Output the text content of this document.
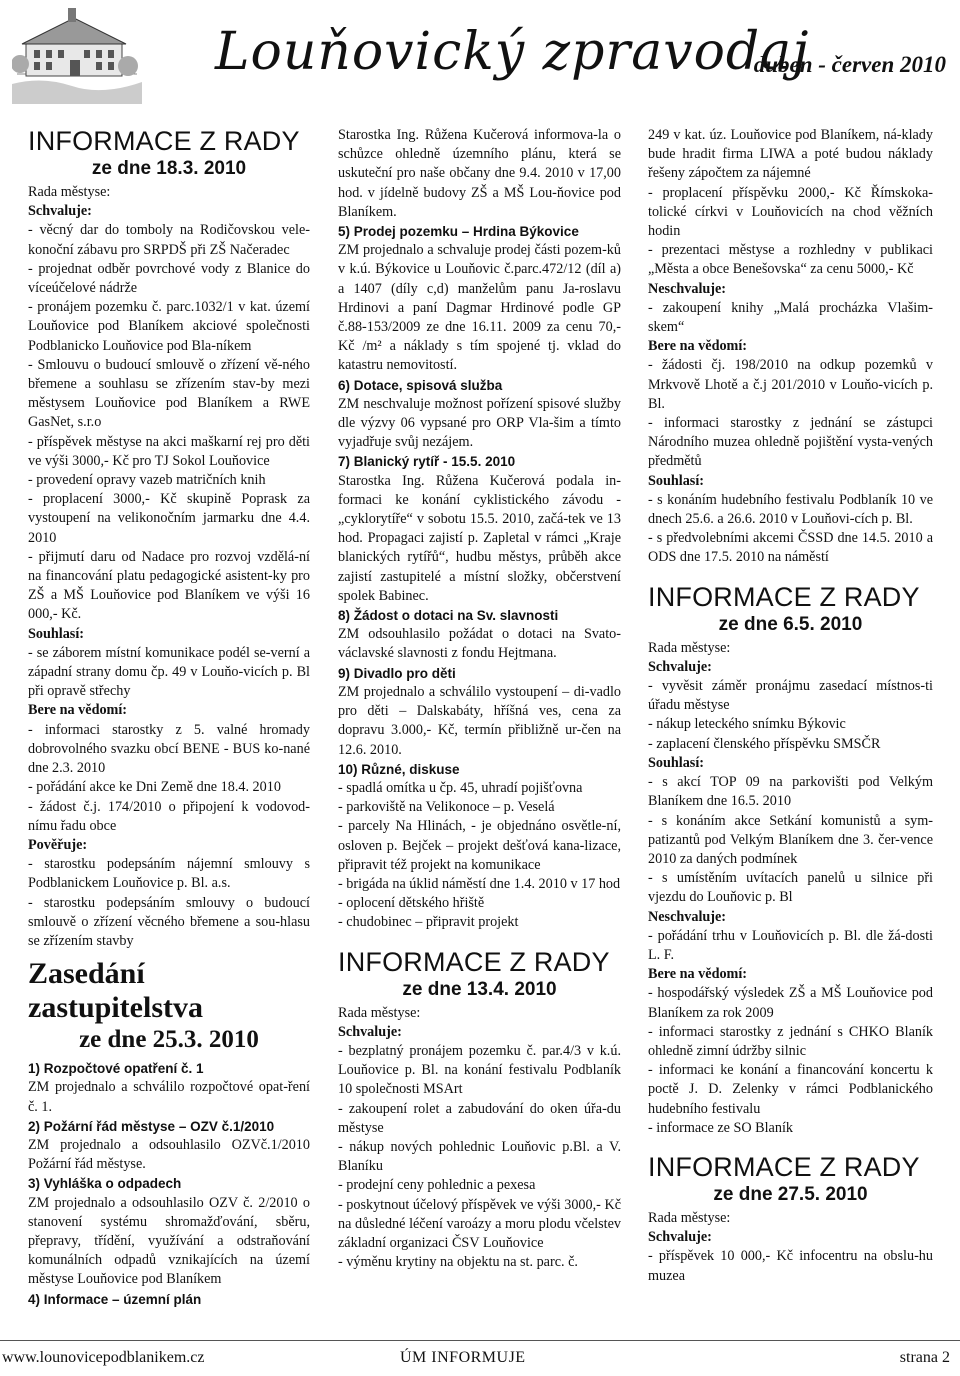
Louňovický zpravodaj
duben - červen 2010
INFORMACE Z RADY
ze dne 18.3. 2010

Rada městyse:

Schvaluje:

- věcný dar do tomboly na Rodičovskou vele-konoční zábavu pro SRPDŠ při ZŠ Načeradec

- projednat odběr povrchové vody z Blanice do víceúčelové nádrže

- pronájem pozemku č. parc.1032/1 v kat. území Louňovice pod Blaníkem akciové společnosti Podblanicko Louňovice pod Bla-níkem

- Smlouvu o budoucí smlouvě o zřízení vě-ného břemene a souhlasu se zřízením stav-by mezi městysem Louňovice pod Blaníkem a RWE GasNet, s.r.o

- příspěvek městyse na akci maškarní rej pro děti ve výši 3000,- Kč pro TJ Sokol Louňovice

- provedení opravy vazeb matričních knih

- proplacení 3000,- Kč skupině Poprask za vystoupení na velikonočním jarmarku dne 4.4. 2010

- přijmutí daru od Nadace pro rozvoj vzdělá-ní na financování platu pedagogické asistent-ky pro ZŠ a MŠ Louňovice pod Blaníkem ve výši 16 000,- Kč.

Souhlasí:

- se záborem místní komunikace podél se-verní a západní strany domu čp. 49 v Louňo-vicích p. Bl při opravě střechy

Bere na vědomí:

- informaci starostky z 5. valné hromady dobrovolného svazku obcí BENE - BUS ko-nané dne 2.3. 2010

- pořádání akce ke Dni Země dne 18.4. 2010

- žádost č.j. 174/2010 o připojení k vodovod-nímu řadu obce

Pověřuje:

- starostku podepsáním nájemní smlouvy s Podblanickem Louňovice p. Bl. a.s.

- starostku podepsáním smlouvy o budoucí smlouvě o zřízení věcného břemene a sou-hlasu se zřízením stavby

Zasedání zastupitelstva
ze dne 25.3. 2010

1) Rozpočtové opatření č. 1

ZM projednalo a schválilo rozpočtové opat-ření č. 1.

2) Požární řád městyse – OZV č.1/2010

ZM projednalo a odsouhlasilo OZVč.1/2010 Požární řád městyse.

3) Vyhláška o odpadech

ZM projednalo a odsouhlasilo OZV č. 2/2010 o stanovení systému shromažďování, sběru, přepravy, třídění, využívání a odstraňování komunálních odpadů vznikajících na území městyse Louňovice pod Blaníkem

4) Informace – územní plán

Starostka Ing. Růžena Kučerová informova-la o schůzce ohledně územního plánu, která se uskuteční pro naše občany dne 9.4. 2010 v 17,00 hod. v jídelně budovy ZŠ a MŠ Lou-ňovice pod Blaníkem.

5) Prodej pozemku – Hrdina Býkovice

ZM projednalo a schvaluje prodej části pozem-ků v k.ú. Býkovice u Louňovic č.parc.472/12 (díl a) a 1407 (díly c,d) manželům panu Ja-roslavu Hrdinovi a paní Dagmar Hrdinové podle GP č.88-153/2009 ze dne 16.11. 2009 za cenu 70,- Kč /m² a náklady s tím spojené tj. vklad do katastru nemovitostí.

6) Dotace, spisová služba

ZM neschvaluje možnost pořízení spisové služby dle výzvy 06 vypsané pro ORP Vla-šim a tímto vyjadřuje svůj nezájem.

7) Blanický rytíř - 15.5. 2010

Starostka Ing. Růžena Kučerová podala in-formaci ke konání cyklistického závodu - „cyklorytíře“ v sobotu 15.5. 2010, začá-tek ve 13 hod. Propagaci zajistí p. Zapletal v rámci „Kraje blanických rytířů“, hudbu městys, průběh akce zajistí zastupitelé a místní složky, občerstvení spolek Babinec.

8) Žádost o dotaci na Sv. slavnosti

ZM odsouhlasilo požádat o dotaci na Svato-václavské slavnosti z fondu Hejtmana.

9) Divadlo pro děti

ZM projednalo a schválilo vystoupení – di-vadlo pro děti – Dalskabáty, hříšná ves, cena za dopravu 3.000,- Kč, termín přibližně ur-čen na 12.6. 2010.

10) Různé, diskuse

- spadlá omítka u čp. 45, uhradí pojišťovna

- parkoviště na Velikonoce – p. Veselá

- parcely Na Hlinách, - je objednáno osvětle-ní, osloven p. Bejček – projekt dešťová kana-lizace, připravit též projekt na komunikace

- brigáda na úklid náměstí dne 1.4. 2010 v 17 hod

- oplocení dětského hřiště

- chudobinec – připravit projekt

INFORMACE Z RADY
ze dne 13.4. 2010

Rada městyse:

Schvaluje:

- bezplatný pronájem pozemku č. par.4/3 v k.ú. Louňovice p. Bl. na konání festivalu Podblaník 10 společnosti MSArt

- zakoupení rolet a zabudování do oken úřa-du městyse

- nákup nových pohlednic Louňovic p.Bl. a V. Blaníku

- prodejní ceny pohlednic a pexesa

- poskytnout účelový příspěvek ve výši 3000,- Kč na důsledné léčení varoázy a moru plodu včelstev základní organizaci ČSV Louňovice

- výměnu krytiny na objektu na st. parc. č.

249 v kat. úz. Louňovice pod Blaníkem, ná-klady bude hradit firma LIWA a poté budou náklady řešeny zápočtem za nájemné

- proplacení příspěvku 2000,- Kč Římskoka-tolické církvi v Louňovicích na chod věžních hodin

- prezentaci městyse a rozhledny v publikaci „Města a obce Benešovska“ za cenu 5000,- Kč

Neschvaluje:

- zakoupení knihy „Malá procházka Vlašim-skem“

Bere na vědomí:

- žádosti čj. 198/2010 na odkup pozemků v Mrkvově Lhotě a č.j 201/2010 v Louňo-vicích p. Bl.

- informaci starostky z jednání se zástupci Národního muzea ohledně pojištění vysta-vených předmětů

Souhlasí:

- s konáním hudebního festivalu Podblaník 10 ve dnech 25.6. a 26.6. 2010 v Louňovi-cích p. Bl.

- s předvolebními akcemi ČSSD dne 14.5. 2010 a ODS dne 17.5. 2010 na náměstí

INFORMACE Z RADY
ze dne 6.5. 2010

Rada městyse:

Schvaluje:

- vyvěsit záměr pronájmu zasedací místnos-ti úřadu městyse

- nákup leteckého snímku Býkovic

- zaplacení členského příspěvku SMSČR

Souhlasí:

- s akcí TOP 09 na parkovišti pod Velkým Blaníkem dne 16.5. 2010

- s konáním akce Setkání komunistů a sym-patizantů pod Velkým Blaníkem dne 3. čer-vence 2010 za daných podmínek

- s umístěním uvítacích panelů u silnice při vjezdu do Louňovic p. Bl

Neschvaluje:

- pořádání trhu v Louňovicích p. Bl. dle žá-dosti L. F.

Bere na vědomí:

- hospodářský výsledek ZŠ a MŠ Louňovice pod Blaníkem za rok 2009

- informaci starostky z jednání s CHKO Blaník ohledně zimní údržby silnic

- informaci ke konání a financování koncertu k poctě J. D. Zelenky v rámci Podblanického hudebního festivalu

- informace ze SO Blaník

INFORMACE Z RADY
ze dne 27.5. 2010

Rada městyse:

Schvaluje:

- příspěvek 10 000,- Kč infocentru na obslu-hu muzea

www.lounovicepodblanikem.cz	ÚM INFORMUJE	strana 2
